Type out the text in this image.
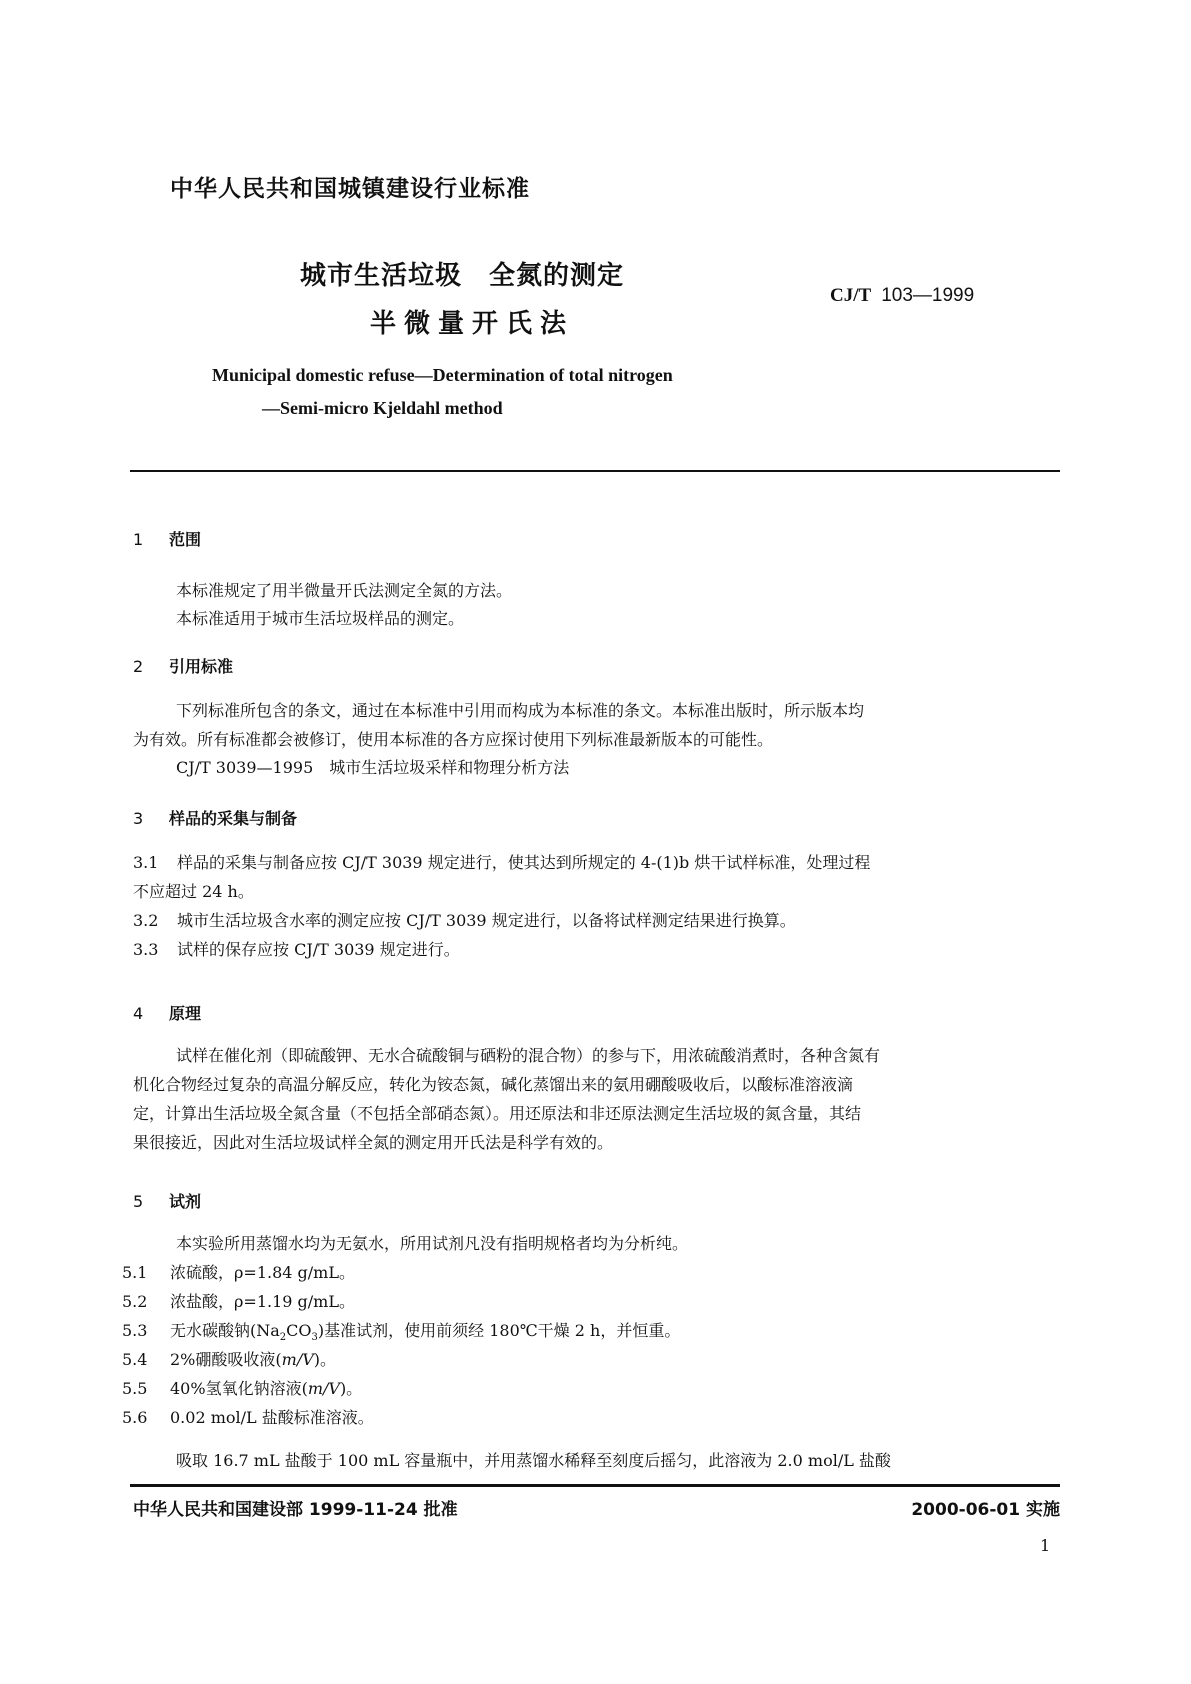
中华人民共和国城镇建设行业标准
城市生活垃圾　全氮的测定
半微量开氏法
CJ/T 103—1999
Municipal domestic refuse—Determination of total nitrogen
—Semi-micro Kjeldahl method
1 范围
本标准规定了用半微量开氏法测定全氮的方法。
本标准适用于城市生活垃圾样品的测定。
2 引用标准
下列标准所包含的条文，通过在本标准中引用而构成为本标准的条文。本标准出版时，所示版本均
为有效。所有标准都会被修订，使用本标准的各方应探讨使用下列标准最新版本的可能性。
CJ/T 3039—1995　城市生活垃圾采样和物理分析方法
3 样品的采集与制备
3.1 样品的采集与制备应按 CJ/T 3039 规定进行，使其达到所规定的 4-(1)b 烘干试样标准，处理过程
不应超过 24 h。
3.2 城市生活垃圾含水率的测定应按 CJ/T 3039 规定进行，以备将试样测定结果进行换算。
3.3 试样的保存应按 CJ/T 3039 规定进行。
4 原理
试样在催化剂（即硫酸钾、无水合硫酸铜与硒粉的混合物）的参与下，用浓硫酸消煮时，各种含氮有
机化合物经过复杂的高温分解反应，转化为铵态氮，碱化蒸馏出来的氨用硼酸吸收后，以酸标准溶液滴
定，计算出生活垃圾全氮含量（不包括全部硝态氮）。用还原法和非还原法测定生活垃圾的氮含量，其结
果很接近，因此对生活垃圾试样全氮的测定用开氏法是科学有效的。
5 试剂
本实验所用蒸馏水均为无氨水，所用试剂凡没有指明规格者均为分析纯。
5.1 浓硫酸，ρ=1.84 g/mL。
5.2 浓盐酸，ρ=1.19 g/mL。
5.3 无水碳酸钠$(Na_2CO_3)$基准试剂，使用前须经 180℃干燥 2 h，并恒重。
5.4 2%硼酸吸收液(m/V)。
5.5 40%氢氧化钠溶液(m/V)。
5.6 0.02 mol/L 盐酸标准溶液。
吸取 16.7 mL 盐酸于 100 mL 容量瓶中，并用蒸馏水稀释至刻度后摇匀，此溶液为 2.0 mol/L 盐酸
中华人民共和国建设部 1999-11-24 批准	2000-06-01 实施
1
